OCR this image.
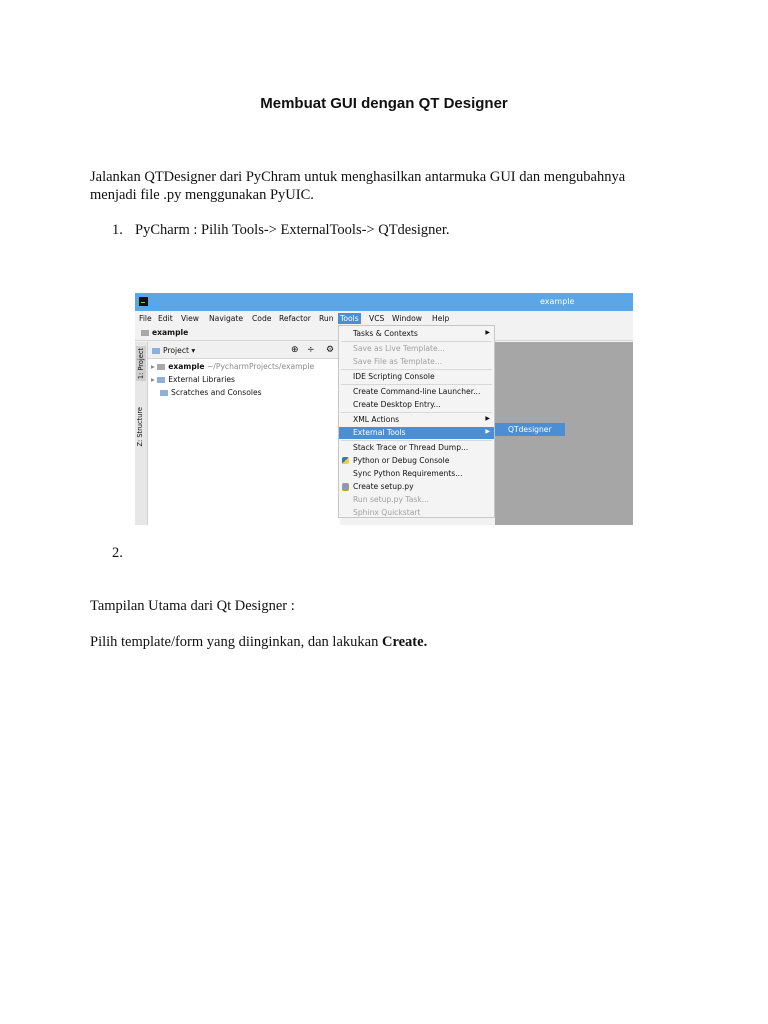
Membuat GUI dengan QT Designer

Jalankan QTDesigner dari PyChram untuk menghasilkan antarmuka GUI dan mengubahnya
menjadi file .py menggunakan PyUIC.

1. PyCharm : Pilih Tools-> ExternalTools-> QTdesigner.
example
File Edit View Navigate Code Refactor Run Tools VCS Window Help
example
1: Project
Z: Structure
Project ▾	⊕ ÷ ⚙
▸ example ~/PycharmProjects/example
▸ External Libraries
Scratches and Consoles
Tasks & Contexts	▶
Save as Live Template...
Save File as Template...
IDE Scripting Console
Create Command-line Launcher...
Create Desktop Entry...
XML Actions	▶
External Tools	▶
Stack Trace or Thread Dump...
Python or Debug Console
Sync Python Requirements...
Create setup.py
Run setup.py Task...
Sphinx Quickstart
QTdesigner
2.

Tampilan Utama dari Qt Designer :

Pilih template/form yang diinginkan, dan lakukan Create.
